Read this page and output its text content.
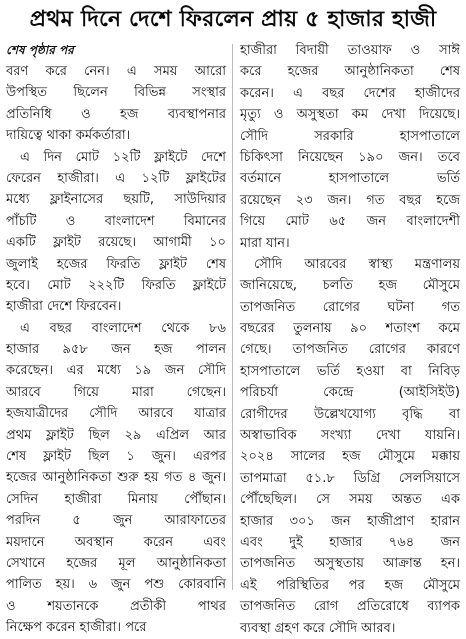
প্রথম দিনে দেশে ফিরলেন প্রায় ৫ হাজার হাজী
শেষ পৃষ্ঠার পর
বরণ করে নেন। এ সময় আরো
উপস্থিত ছিলেন বিভিন্ন সংস্থার
প্রতিনিধি ও হজ ব্যবস্থাপনার
দায়িত্বে থাকা কর্মকর্তারা।
এ দিন মোট ১২টি ফ্লাইটে দেশে
ফেরেন হাজীরা। এ ১২টি ফ্লাইটের
মধ্যে ফ্লাইনাসের ছয়টি, সাউদিয়ার
পাঁচটি ও বাংলাদেশ বিমানের
একটি ফ্লাইট রয়েছে। আগামী ১০
জুলাই হজের ফিরতি ফ্লাইট শেষ
হবে। মোট ২২২টি ফিরতি ফ্লাইটে
হাজীরা দেশে ফিরবেন।
এ বছর বাংলাদেশ থেকে ৮৬
হাজার ৯৫৮ জন হজ পালন
করেছেন। এর মধ্যে ১৯ জন সৌদি
আরবে গিয়ে মারা গেছেন।
হজযাত্রীদের সৌদি আরবে যাত্রার
প্রথম ফ্লাইট ছিল ২৯ এপ্রিল আর
শেষ ফ্লাইট ছিল ১ জুন। এরপর
হজের আনুষ্ঠানিকতা শুরু হয় গত ৪ জুন।
সেদিন হাজীরা মিনায় পৌঁছান।
পরদিন ৫ জুন আরাফাতের
ময়দানে অবস্থান করেন এবং
সেখানে হজের মূল আনুষ্ঠানিকতা
পালিত হয়। ৬ জুন পশু কোরবানি
ও শয়তানকে প্রতীকী পাথর
নিক্ষেপ করেন হাজীরা। পরে
হাজীরা বিদায়ী তাওয়াফ ও সাঈ
করে হজের আনুষ্ঠানিকতা শেষ
করেন। এ বছর দেশের হাজীদের
মৃত্যু ও অসুস্থতা কম দেখা দিয়েছে।
সৌদি সরকারি হাসপাতালে
চিকিৎসা নিয়েছেন ১৯০ জন। তবে
বর্তমানে হাসপাতালে ভর্তি
রয়েছেন ২৩ জন। গত বছর হজে
গিয়ে মোট ৬৫ জন বাংলাদেশী
মারা যান।
সৌদি আরবের স্বাস্থ্য মন্ত্রণালয়
জানিয়েছে, চলতি হজ মৌসুমে
তাপজনিত রোগের ঘটনা গত
বছরের তুলনায় ৯০ শতাংশ কমে
গেছে। তাপজনিত রোগের কারণে
হাসপাতালে ভর্তি হওয়া বা নিবিড়
পরিচর্যা কেন্দ্রে (আইসিইউ)
রোগীদের উল্লেখযোগ্য বৃদ্ধি বা
অস্বাভাবিক সংখ্যা দেখা যায়নি।
২০২৪ সালের হজ মৌসুমে মক্কায়
তাপমাত্রা ৫১.৮ ডিগ্রি সেলসিয়াসে
পৌঁছেছিল। সে সময় অন্তত এক
হাজার ৩০১ জন হাজীপ্রাণ হারান
এবং দুই হাজার ৭৬৪ জন
তাপজনিত অসুস্থতায় আক্রান্ত হন।
এই পরিস্থিতির পর হজ মৌসুমে
তাপজনিত রোগ প্রতিরোধে ব্যাপক
ব্যবস্থা গ্রহণ করে সৌদি আরব।
